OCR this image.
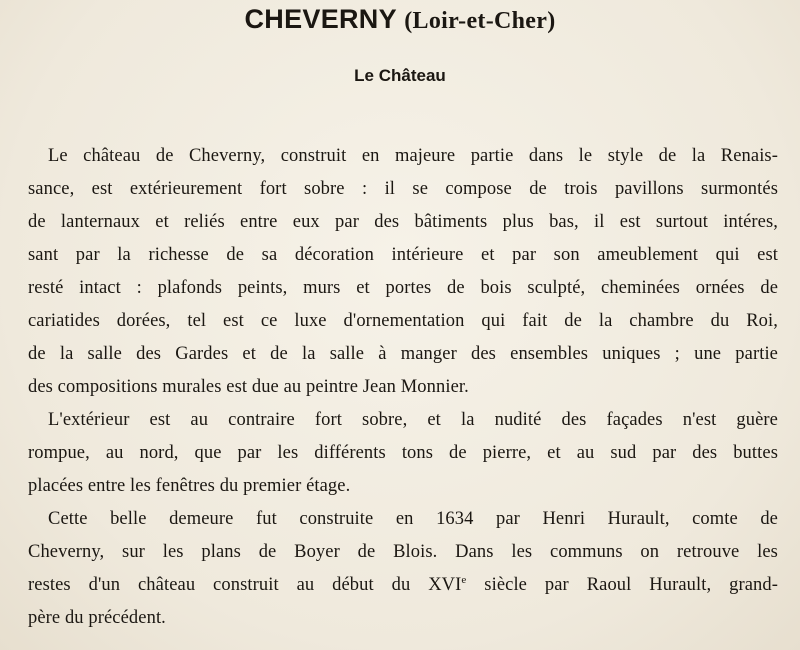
CHEVERNY (Loir-et-Cher)
Le Château
Le château de Cheverny, construit en majeure partie dans le style de la Renais-
sance, est extérieurement fort sobre : il se compose de trois pavillons surmontés
de lanternaux et reliés entre eux par des bâtiments plus bas, il est surtout intéres,
sant par la richesse de sa décoration intérieure et par son ameublement qui est
resté intact : plafonds peints, murs et portes de bois sculpté, cheminées ornées de
cariatides dorées, tel est ce luxe d'ornementation qui fait de la chambre du Roi,
de la salle des Gardes et de la salle à manger des ensembles uniques ; une partie
des compositions murales est due au peintre Jean Monnier.
L'extérieur est au contraire fort sobre, et la nudité des façades n'est guère
rompue, au nord, que par les différents tons de pierre, et au sud par des buttes
placées entre les fenêtres du premier étage.
Cette belle demeure fut construite en 1634 par Henri Hurault, comte de
Cheverny, sur les plans de Boyer de Blois. Dans les communs on retrouve les
restes d'un château construit au début du XVIe siècle par Raoul Hurault, grand-
père du précédent.
